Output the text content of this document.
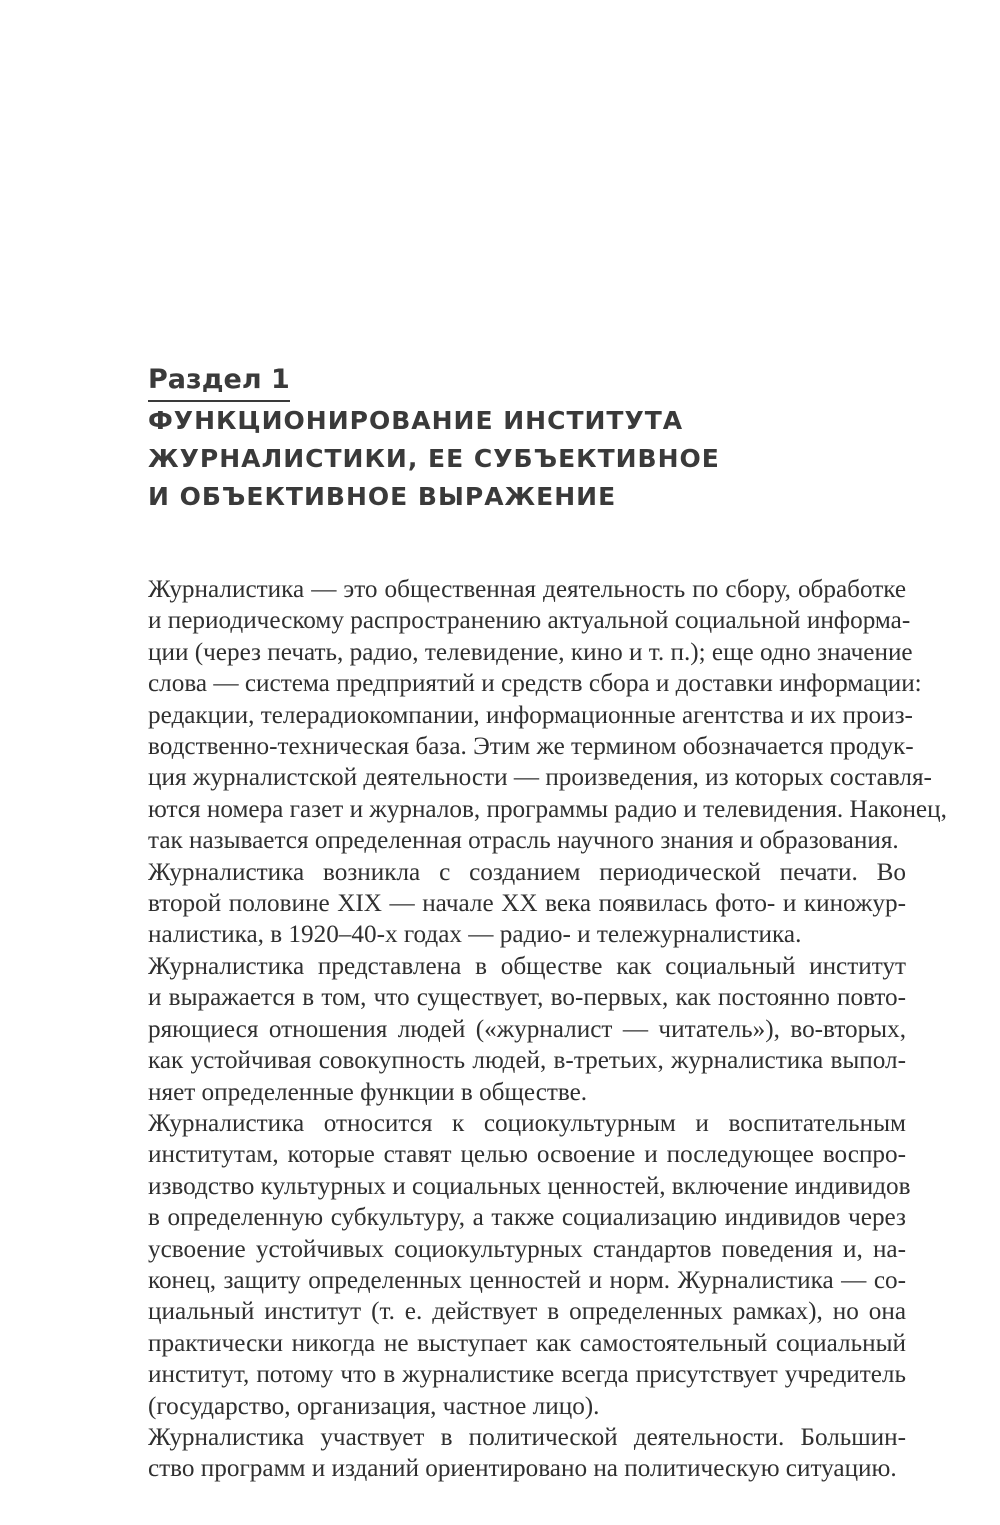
Раздел 1
ФУНКЦИОНИРОВАНИЕ ИНСТИТУТА
ЖУРНАЛИСТИКИ, ЕЕ СУБЪЕКТИВНОЕ
И ОБЪЕКТИВНОЕ ВЫРАЖЕНИЕ
Журналистика — это общественная деятельность по сбору, обработке
и периодическому распространению актуальной социальной информа-
ции (через печать, радио, телевидение, кино и т. п.); еще одно значение
слова — система предприятий и средств сбора и доставки информации:
редакции, телерадиокомпании, информационные агентства и их произ-
водственно-техническая база. Этим же термином обозначается продук-
ция журналистской деятельности — произведения, из которых составля-
ются номера газет и журналов, программы радио и телевидения. Наконец,
так называется определенная отрасль научного знания и образования.
Журналистика возникла с созданием периодической печати. Во
второй половине XIX — начале XX века появилась фото- и киножур-
налистика, в 1920–40-х годах — радио- и тележурналистика.
Журналистика представлена в обществе как социальный институт
и выражается в том, что существует, во-первых, как постоянно повто-
ряющиеся отношения людей («журналист — читатель»), во-вторых,
как устойчивая совокупность людей, в-третьих, журналистика выпол-
няет определенные функции в обществе.
Журналистика относится к социокультурным и воспитательным
институтам, которые ставят целью освоение и последующее воспро-
изводство культурных и социальных ценностей, включение индивидов
в определенную субкультуру, а также социализацию индивидов через
усвоение устойчивых социокультурных стандартов поведения и, на-
конец, защиту определенных ценностей и норм. Журналистика — со-
циальный институт (т. е. действует в определенных рамках), но она
практически никогда не выступает как самостоятельный социальный
институт, потому что в журналистике всегда присутствует учредитель
(государство, организация, частное лицо).
Журналистика участвует в политической деятельности. Большин-
ство программ и изданий ориентировано на политическую ситуацию.
